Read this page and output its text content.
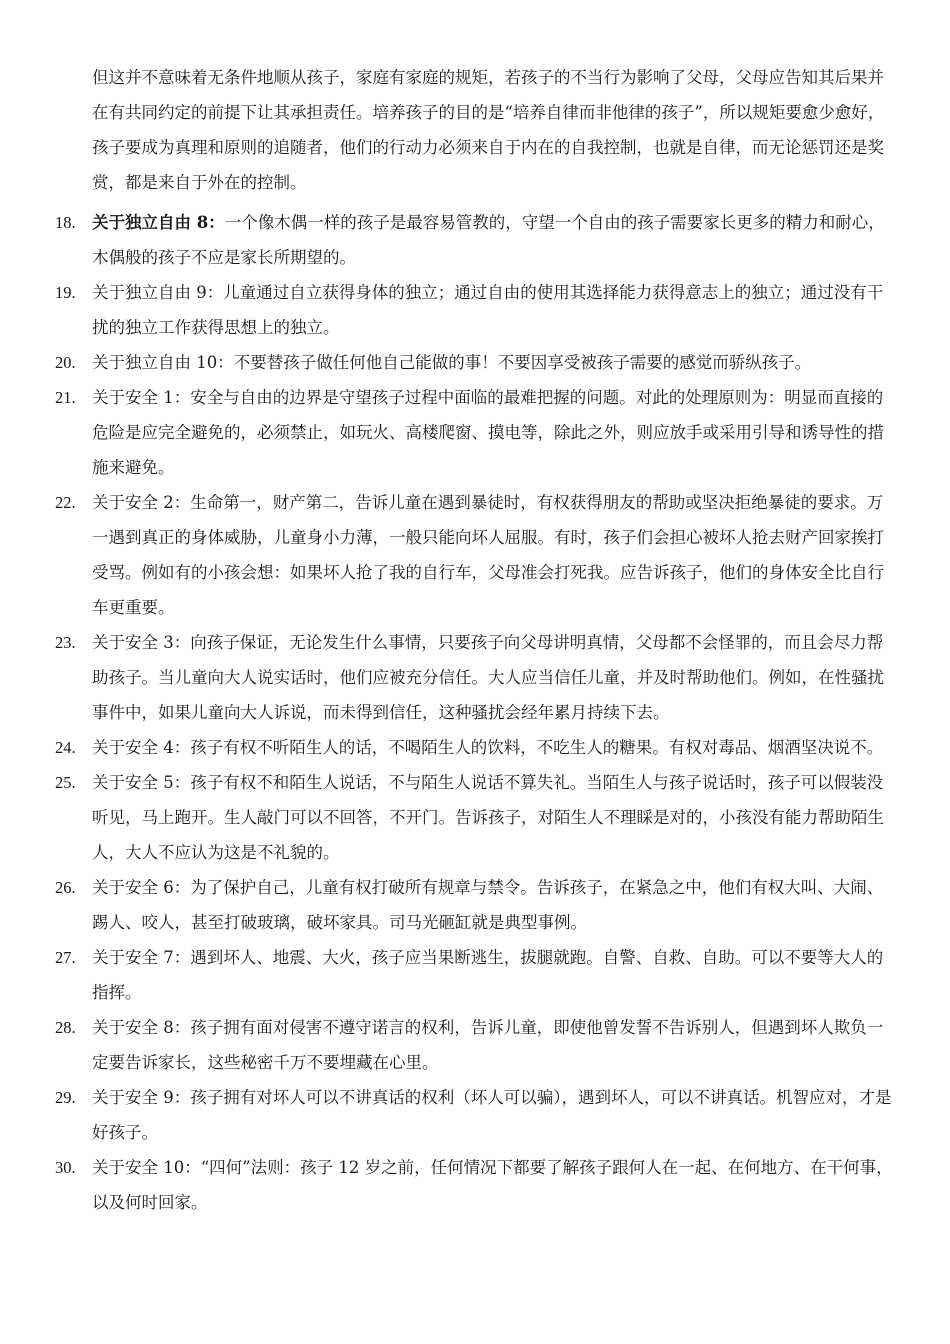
但这并不意味着无条件地顺从孩子，家庭有家庭的规矩，若孩子的不当行为影响了父母，父母应告知其后果并在有共同约定的前提下让其承担责任。培养孩子的目的是“培养自律而非他律的孩子”，所以规矩要愈少愈好，孩子要成为真理和原则的追随者，他们的行动力必须来自于内在的自我控制，也就是自律，而无论惩罚还是奖赏，都是来自于外在的控制。

18. 关于独立自由 8：一个像木偶一样的孩子是最容易管教的，守望一个自由的孩子需要家长更多的精力和耐心，木偶般的孩子不应是家长所期望的。
19. 关于独立自由 9：儿童通过自立获得身体的独立；通过自由的使用其选择能力获得意志上的独立；通过没有干扰的独立工作获得思想上的独立。
20. 关于独立自由 10：不要替孩子做任何他自己能做的事！不要因享受被孩子需要的感觉而骄纵孩子。
21. 关于安全 1：安全与自由的边界是守望孩子过程中面临的最难把握的问题。对此的处理原则为：明显而直接的危险是应完全避免的，必须禁止，如玩火、高楼爬窗、摸电等，除此之外，则应放手或采用引导和诱导性的措施来避免。
22. 关于安全 2：生命第一，财产第二，告诉儿童在遇到暴徒时，有权获得朋友的帮助或坚决拒绝暴徒的要求。万一遇到真正的身体威胁，儿童身小力薄，一般只能向坏人屈服。有时，孩子们会担心被坏人抢去财产回家挨打受骂。例如有的小孩会想：如果坏人抢了我的自行车，父母准会打死我。应告诉孩子，他们的身体安全比自行车更重要。
23. 关于安全 3：向孩子保证，无论发生什么事情，只要孩子向父母讲明真情，父母都不会怪罪的，而且会尽力帮助孩子。当儿童向大人说实话时，他们应被充分信任。大人应当信任儿童，并及时帮助他们。例如，在性骚扰事件中，如果儿童向大人诉说，而未得到信任，这种骚扰会经年累月持续下去。
24. 关于安全 4：孩子有权不听陌生人的话，不喝陌生人的饮料，不吃生人的糖果。有权对毒品、烟酒坚决说不。
25. 关于安全 5：孩子有权不和陌生人说话，不与陌生人说话不算失礼。当陌生人与孩子说话时，孩子可以假装没听见，马上跑开。生人敲门可以不回答，不开门。告诉孩子，对陌生人不理睬是对的，小孩没有能力帮助陌生人，大人不应认为这是不礼貌的。
26. 关于安全 6：为了保护自己，儿童有权打破所有规章与禁令。告诉孩子，在紧急之中，他们有权大叫、大闹、踢人、咬人，甚至打破玻璃，破坏家具。司马光砸缸就是典型事例。
27. 关于安全 7：遇到坏人、地震、大火，孩子应当果断逃生，拔腿就跑。自警、自救、自助。可以不要等大人的指挥。
28. 关于安全 8：孩子拥有面对侵害不遵守诺言的权利，告诉儿童，即使他曾发誓不告诉别人，但遇到坏人欺负一定要告诉家长，这些秘密千万不要埋藏在心里。
29. 关于安全 9：孩子拥有对坏人可以不讲真话的权利（坏人可以骗），遇到坏人，可以不讲真话。机智应对，才是好孩子。
30. 关于安全 10：“四何”法则：孩子 12 岁之前，任何情况下都要了解孩子跟何人在一起、在何地方、在干何事，以及何时回家。
